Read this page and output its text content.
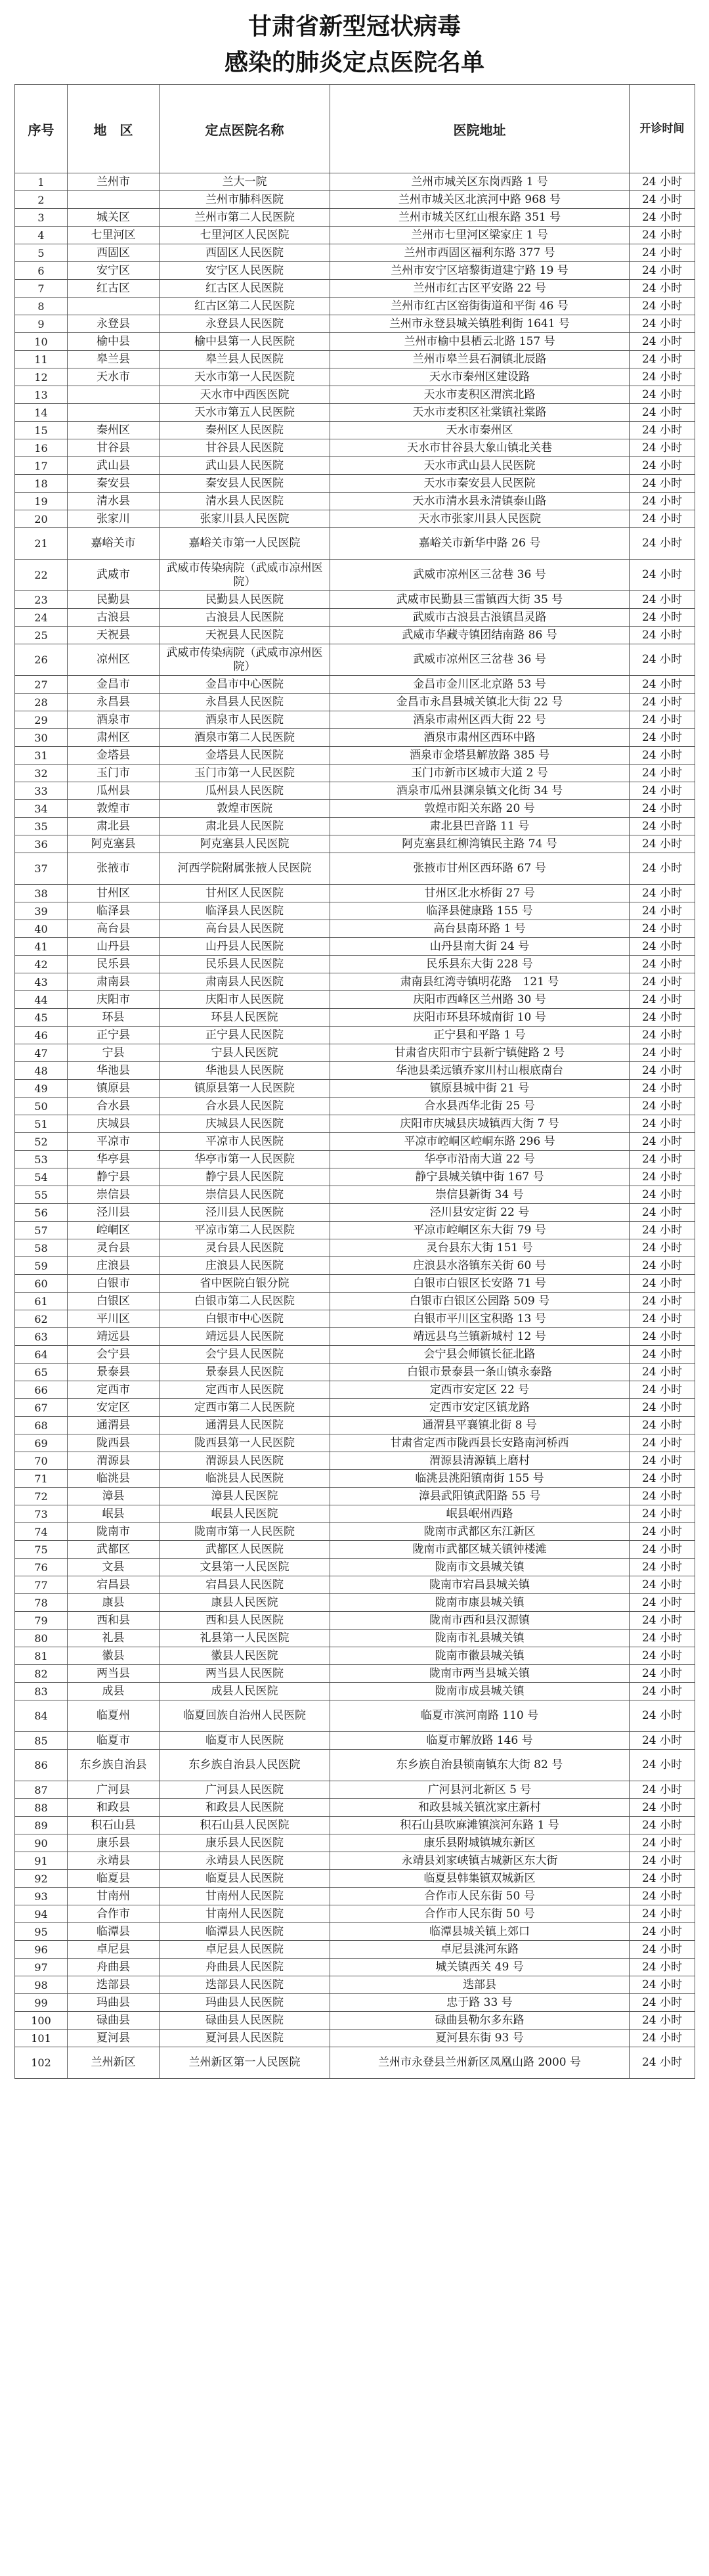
甘肃省新型冠状病毒
感染的肺炎定点医院名单
序号	地　区	定点医院名称	医院地址	开诊时间
1	兰州市	兰大一院	兰州市城关区东岗西路 1 号	24 小时
2		兰州市肺科医院	兰州市城关区北滨河中路 968 号	24 小时
3	城关区	兰州市第二人民医院	兰州市城关区红山根东路 351 号	24 小时
4	七里河区	七里河区人民医院	兰州市七里河区梁家庄 1 号	24 小时
5	西固区	西固区人民医院	兰州市西固区福利东路 377 号	24 小时
6	安宁区	安宁区人民医院	兰州市安宁区培黎街道建宁路 19 号	24 小时
7	红古区	红古区人民医院	兰州市红古区平安路 22 号	24 小时
8		红古区第二人民医院	兰州市红古区窑街街道和平街 46 号	24 小时
9	永登县	永登县人民医院	兰州市永登县城关镇胜利街 1641 号	24 小时
10	榆中县	榆中县第一人民医院	兰州市榆中县栖云北路 157 号	24 小时
11	皋兰县	皋兰县人民医院	兰州市皋兰县石洞镇北辰路	24 小时
12	天水市	天水市第一人民医院	天水市秦州区建设路	24 小时
13		天水市中西医医院	天水市麦积区渭滨北路	24 小时
14		天水市第五人民医院	天水市麦积区社棠镇社棠路	24 小时
15	秦州区	秦州区人民医院	天水市秦州区	24 小时
16	甘谷县	甘谷县人民医院	天水市甘谷县大象山镇北关巷	24 小时
17	武山县	武山县人民医院	天水市武山县人民医院	24 小时
18	秦安县	秦安县人民医院	天水市秦安县人民医院	24 小时
19	清水县	清水县人民医院	天水市清水县永清镇泰山路	24 小时
20	张家川	张家川县人民医院	天水市张家川县人民医院	24 小时
21	嘉峪关市	嘉峪关市第一人民医院	嘉峪关市新华中路 26 号	24 小时
22	武威市	武威市传染病院（武威市凉州医院）	武威市凉州区三岔巷 36 号	24 小时
23	民勤县	民勤县人民医院	武威市民勤县三雷镇西大街 35 号	24 小时
24	古浪县	古浪县人民医院	武威市古浪县古浪镇昌灵路	24 小时
25	天祝县	天祝县人民医院	武威市华藏寺镇团结南路 86 号	24 小时
26	凉州区	武威市传染病院（武威市凉州医院）	武威市凉州区三岔巷 36 号	24 小时
27	金昌市	金昌市中心医院	金昌市金川区北京路 53 号	24 小时
28	永昌县	永昌县人民医院	金昌市永昌县城关镇北大街 22 号	24 小时
29	酒泉市	酒泉市人民医院	酒泉市肃州区西大街 22 号	24 小时
30	肃州区	酒泉市第二人民医院	酒泉市肃州区西环中路	24 小时
31	金塔县	金塔县人民医院	酒泉市金塔县解放路 385 号	24 小时
32	玉门市	玉门市第一人民医院	玉门市新市区城市大道 2 号	24 小时
33	瓜州县	瓜州县人民医院	酒泉市瓜州县渊泉镇文化街 34 号	24 小时
34	敦煌市	敦煌市医院	敦煌市阳关东路 20 号	24 小时
35	肃北县	肃北县人民医院	肃北县巴音路 11 号	24 小时
36	阿克塞县	阿克塞县人民医院	阿克塞县红柳湾镇民主路 74 号	24 小时
37	张掖市	河西学院附属张掖人民医院	张掖市甘州区西环路 67 号	24 小时
38	甘州区	甘州区人民医院	甘州区北水桥街 27 号	24 小时
39	临泽县	临泽县人民医院	临泽县健康路 155 号	24 小时
40	高台县	高台县人民医院	高台县南环路 1 号	24 小时
41	山丹县	山丹县人民医院	山丹县南大街 24 号	24 小时
42	民乐县	民乐县人民医院	民乐县东大街 228 号	24 小时
43	肃南县	肃南县人民医院	肃南县红湾寺镇明花路　121 号	24 小时
44	庆阳市	庆阳市人民医院	庆阳市西峰区兰州路 30 号	24 小时
45	环县	环县人民医院	庆阳市环县环城南街 10 号	24 小时
46	正宁县	正宁县人民医院	正宁县和平路 1 号	24 小时
47	宁县	宁县人民医院	甘肃省庆阳市宁县新宁镇健路 2 号	24 小时
48	华池县	华池县人民医院	华池县柔远镇乔家川村山根底南台	24 小时
49	镇原县	镇原县第一人民医院	镇原县城中街 21 号	24 小时
50	合水县	合水县人民医院	合水县西华北街 25 号	24 小时
51	庆城县	庆城县人民医院	庆阳市庆城县庆城镇西大街 7 号	24 小时
52	平凉市	平凉市人民医院	平凉市崆峒区崆峒东路 296 号	24 小时
53	华亭县	华亭市第一人民医院	华亭市沿南大道 22 号	24 小时
54	静宁县	静宁县人民医院	静宁县城关镇中街 167 号	24 小时
55	崇信县	崇信县人民医院	崇信县新街 34 号	24 小时
56	泾川县	泾川县人民医院	泾川县安定街 22 号	24 小时
57	崆峒区	平凉市第二人民医院	平凉市崆峒区东大街 79 号	24 小时
58	灵台县	灵台县人民医院	灵台县东大街 151 号	24 小时
59	庄浪县	庄浪县人民医院	庄浪县水洛镇东关街 60 号	24 小时
60	白银市	省中医院白银分院	白银市白银区长安路 71 号	24 小时
61	白银区	白银市第二人民医院	白银市白银区公园路 509 号	24 小时
62	平川区	白银市中心医院	白银市平川区宝积路 13 号	24 小时
63	靖远县	靖远县人民医院	靖远县乌兰镇新城村 12 号	24 小时
64	会宁县	会宁县人民医院	会宁县会师镇长征北路	24 小时
65	景泰县	景泰县人民医院	白银市景泰县一条山镇永泰路	24 小时
66	定西市	定西市人民医院	定西市安定区 22 号	24 小时
67	安定区	定西市第二人民医院	定西市安定区镇龙路	24 小时
68	通渭县	通渭县人民医院	通渭县平襄镇北街 8 号	24 小时
69	陇西县	陇西县第一人民医院	甘肃省定西市陇西县长安路南河桥西	24 小时
70	渭源县	渭源县人民医院	渭源县清源镇上磨村	24 小时
71	临洮县	临洮县人民医院	临洮县洮阳镇南街 155 号	24 小时
72	漳县	漳县人民医院	漳县武阳镇武阳路 55 号	24 小时
73	岷县	岷县人民医院	岷县岷州西路	24 小时
74	陇南市	陇南市第一人民医院	陇南市武都区东江新区	24 小时
75	武都区	武都区人民医院	陇南市武都区城关镇钟楼滩	24 小时
76	文县	文县第一人民医院	陇南市文县城关镇	24 小时
77	宕昌县	宕昌县人民医院	陇南市宕昌县城关镇	24 小时
78	康县	康县人民医院	陇南市康县城关镇	24 小时
79	西和县	西和县人民医院	陇南市西和县汉源镇	24 小时
80	礼县	礼县第一人民医院	陇南市礼县城关镇	24 小时
81	徽县	徽县人民医院	陇南市徽县城关镇	24 小时
82	两当县	两当县人民医院	陇南市两当县城关镇	24 小时
83	成县	成县人民医院	陇南市成县城关镇	24 小时
84	临夏州	临夏回族自治州人民医院	临夏市滨河南路 110 号	24 小时
85	临夏市	临夏市人民医院	临夏市解放路 146 号	24 小时
86	东乡族自治县	东乡族自治县人民医院	东乡族自治县锁南镇东大街 82 号	24 小时
87	广河县	广河县人民医院	广河县河北新区 5 号	24 小时
88	和政县	和政县人民医院	和政县城关镇沈家庄新村	24 小时
89	积石山县	积石山县人民医院	积石山县吹麻滩镇滨河东路 1 号	24 小时
90	康乐县	康乐县人民医院	康乐县附城镇城东新区	24 小时
91	永靖县	永靖县人民医院	永靖县刘家峡镇古城新区东大街	24 小时
92	临夏县	临夏县人民医院	临夏县韩集镇双城新区	24 小时
93	甘南州	甘南州人民医院	合作市人民东街 50 号	24 小时
94	合作市	甘南州人民医院	合作市人民东街 50 号	24 小时
95	临潭县	临潭县人民医院	临潭县城关镇上郊口	24 小时
96	卓尼县	卓尼县人民医院	卓尼县洮河东路	24 小时
97	舟曲县	舟曲县人民医院	城关镇西关 49 号	24 小时
98	迭部县	迭部县人民医院	迭部县	24 小时
99	玛曲县	玛曲县人民医院	忠于路 33 号	24 小时
100	碌曲县	碌曲县人民医院	碌曲县勒尔多东路	24 小时
101	夏河县	夏河县人民医院	夏河县东街 93 号	24 小时
102	兰州新区	兰州新区第一人民医院	兰州市永登县兰州新区凤凰山路 2000 号	24 小时
